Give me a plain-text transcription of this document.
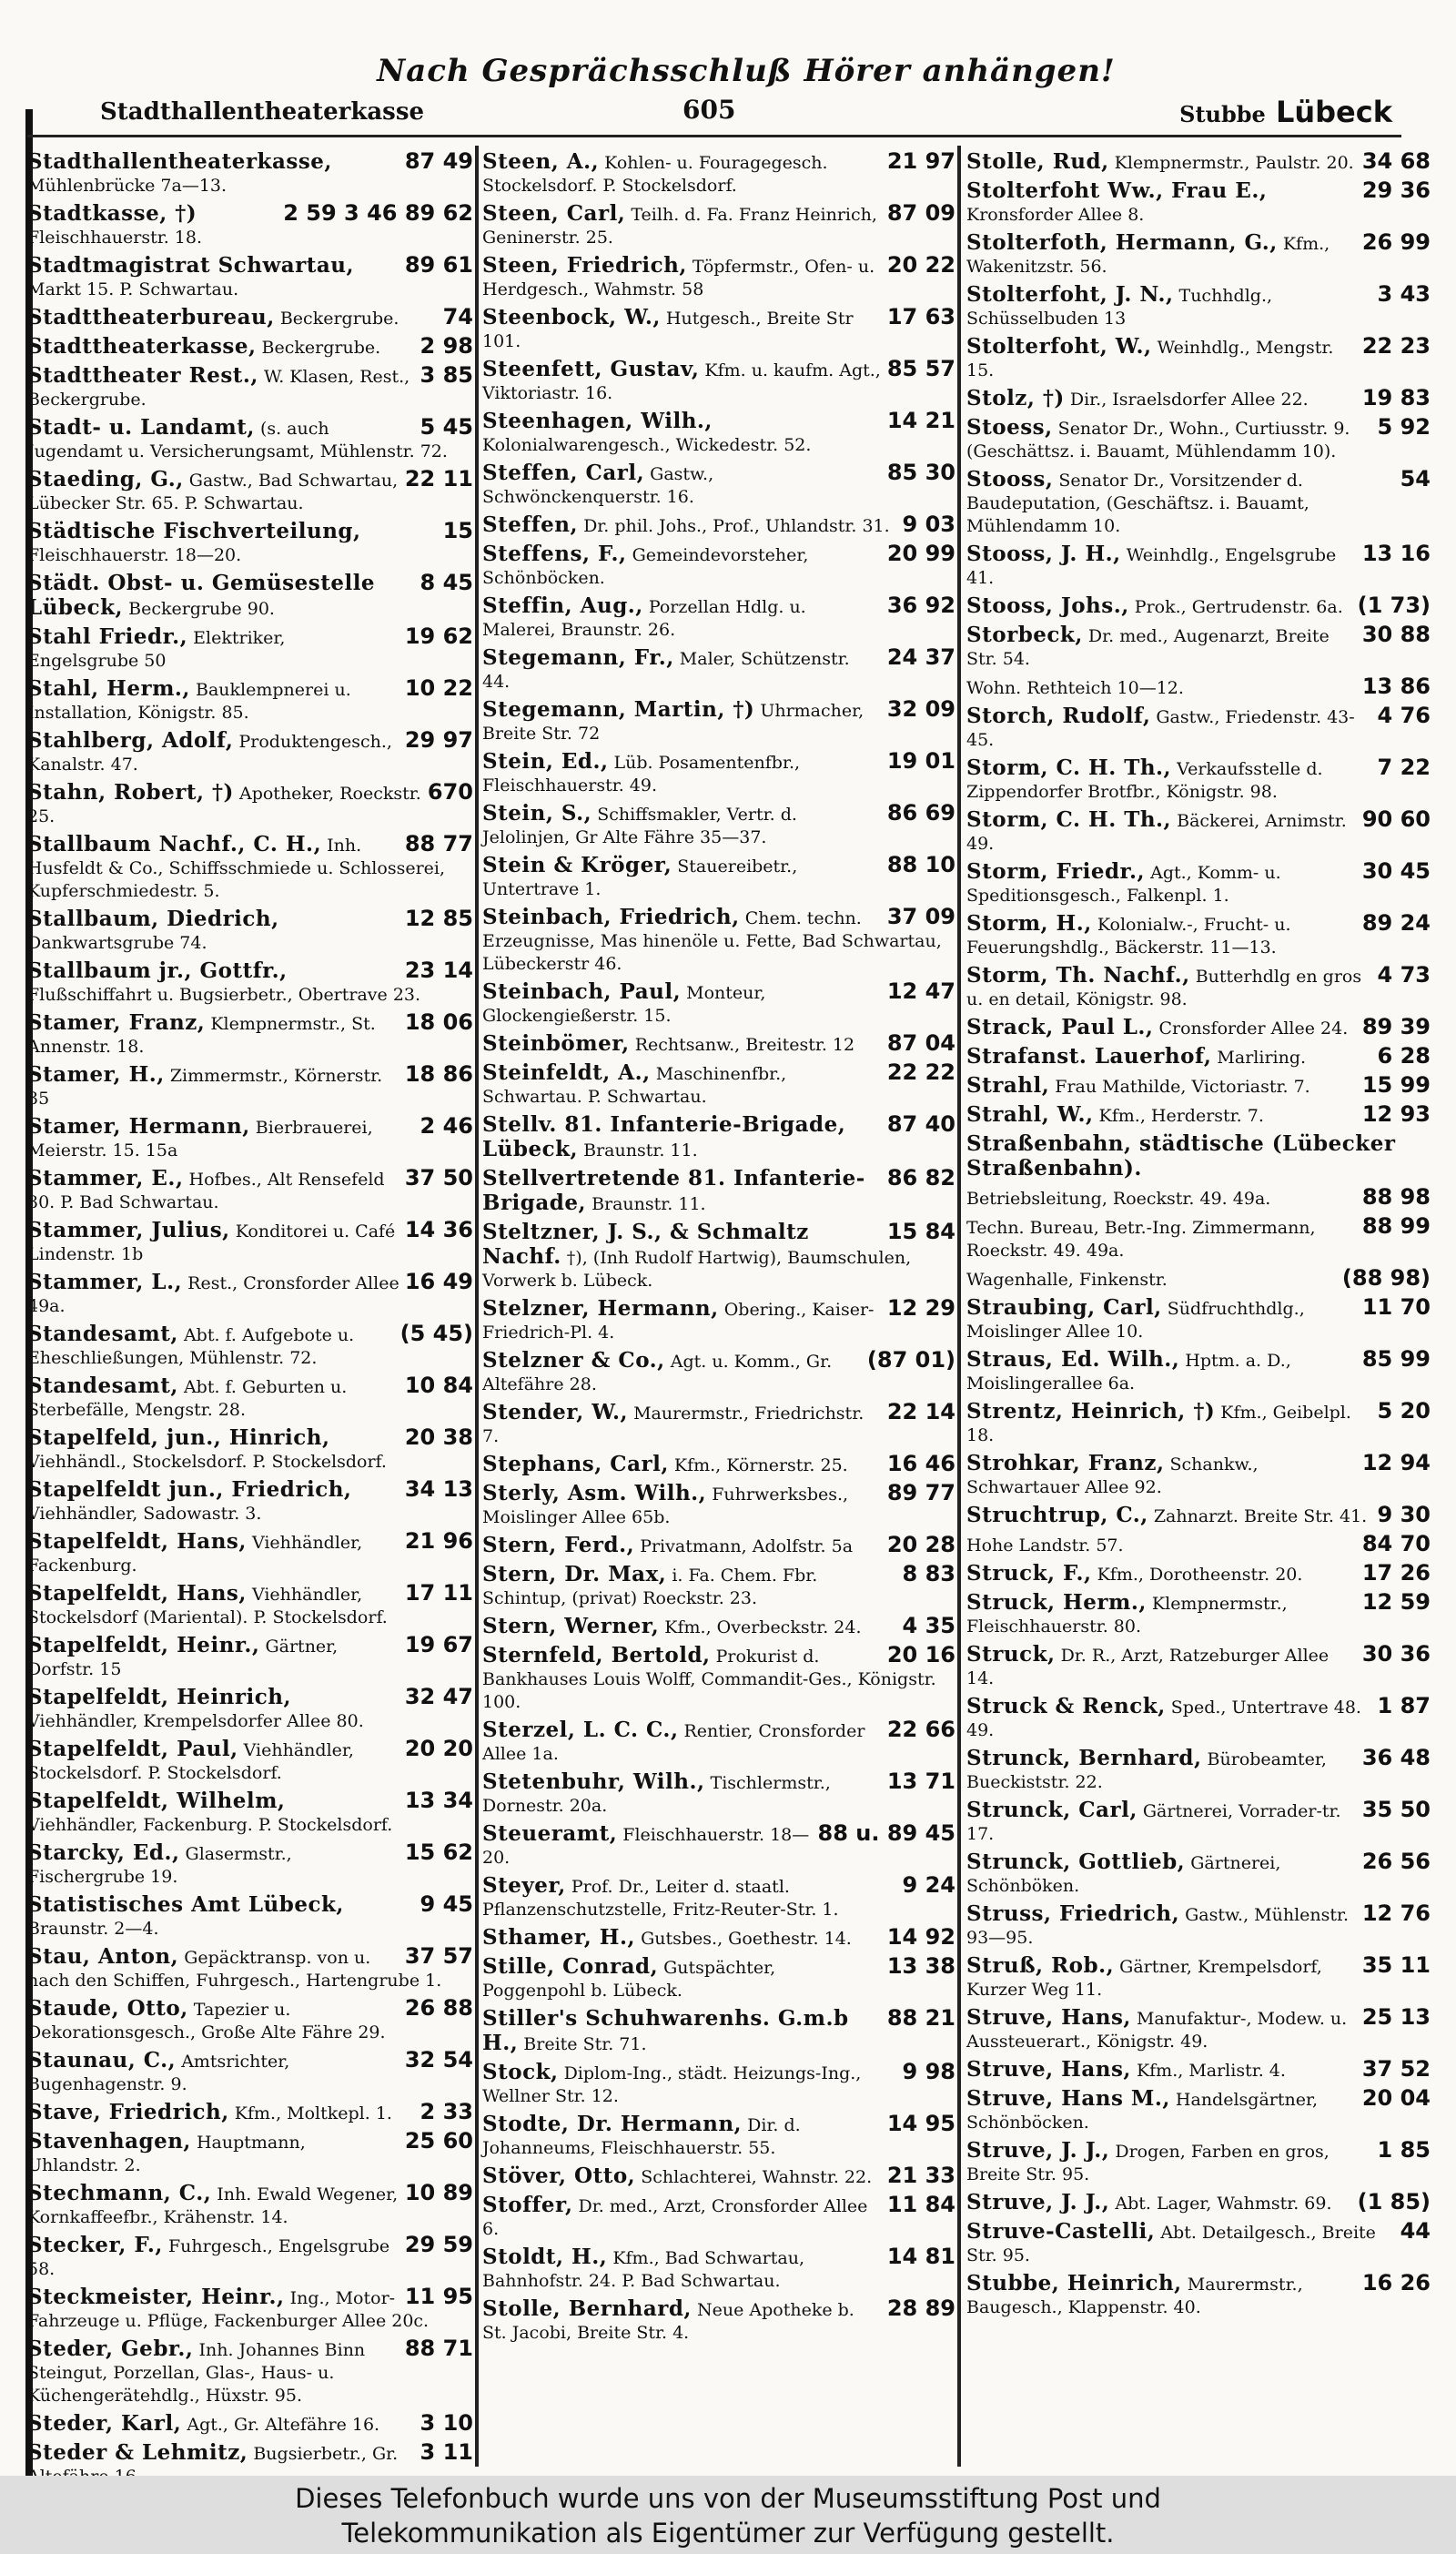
Nach Gesprächsschluß Hörer anhängen!
Stadthallentheaterkasse	605	Stubbe Lübeck
87 49
Stadthallentheaterkasse, Mühlenbrücke 7a—13.
2 59 3 46 89 62
Stadtkasse, †) Fleischhauerstr. 18.
89 61
Stadtmagistrat Schwartau, Markt 15. P. Schwartau.
74
Stadttheaterbureau, Beckergrube.
2 98
Stadttheaterkasse, Beckergrube.
3 85
Stadttheater Rest., W. Klasen, Rest., Beckergrube.
5 45
Stadt- u. Landamt, (s. auch Jugendamt u. Versicherungsamt, Mühlenstr. 72.
22 11
Staeding, G., Gastw., Bad Schwartau, Lübecker Str. 65. P. Schwartau.
15
Städtische Fischverteilung, Fleischhauerstr. 18—20.
8 45
Städt. Obst- u. Gemüsestelle Lübeck, Beckergrube 90.
19 62
Stahl Friedr., Elektriker, Engelsgrube 50
10 22
Stahl, Herm., Bauklempnerei u. Installation, Königstr. 85.
29 97
Stahlberg, Adolf, Produktengesch., Kanalstr. 47.
670
Stahn, Robert, †) Apotheker, Roeckstr. 25.
88 77
Stallbaum Nachf., C. H., Inh. Husfeldt & Co., Schiffsschmiede u. Schlosserei, Kupferschmiedestr. 5.
12 85
Stallbaum, Diedrich, Dankwartsgrube 74.
23 14
Stallbaum jr., Gottfr., Flußschiffahrt u. Bugsierbetr., Obertrave 23.
18 06
Stamer, Franz, Klempnermstr., St. Annenstr. 18.
18 86
Stamer, H., Zimmermstr., Körnerstr. 35
2 46
Stamer, Hermann, Bierbrauerei, Meierstr. 15. 15a
37 50
Stammer, E., Hofbes., Alt Rensefeld 30. P. Bad Schwartau.
14 36
Stammer, Julius, Konditorei u. Café Lindenstr. 1b
16 49
Stammer, L., Rest., Cronsforder Allee 49a.
(5 45)
Standesamt, Abt. f. Aufgebote u. Eheschließungen, Mühlenstr. 72.
10 84
Standesamt, Abt. f. Geburten u. Sterbefälle, Mengstr. 28.
20 38
Stapelfeld, jun., Hinrich, Viehhändl., Stockelsdorf. P. Stockelsdorf.
34 13
Stapelfeldt jun., Friedrich, Viehhändler, Sadowastr. 3.
21 96
Stapelfeldt, Hans, Viehhändler, Fackenburg.
17 11
Stapelfeldt, Hans, Viehhändler, Stockelsdorf (Mariental). P. Stockelsdorf.
19 67
Stapelfeldt, Heinr., Gärtner, Dorfstr. 15
32 47
Stapelfeldt, Heinrich, Viehhändler, Krempelsdorfer Allee 80.
20 20
Stapelfeldt, Paul, Viehhändler, Stockelsdorf. P. Stockelsdorf.
13 34
Stapelfeldt, Wilhelm, Viehhändler, Fackenburg. P. Stockelsdorf.
15 62
Starcky, Ed., Glasermstr., Fischergrube 19.
9 45
Statistisches Amt Lübeck, Braunstr. 2—4.
37 57
Stau, Anton, Gepäcktransp. von u. nach den Schiffen, Fuhrgesch., Hartengrube 1.
26 88
Staude, Otto, Tapezier u. Dekorationsgesch., Große Alte Fähre 29.
32 54
Staunau, C., Amtsrichter, Bugenhagenstr. 9.
2 33
Stave, Friedrich, Kfm., Moltkepl. 1.
25 60
Stavenhagen, Hauptmann, Uhlandstr. 2.
10 89
Stechmann, C., Inh. Ewald Wegener, Kornkaffeefbr., Krähenstr. 14.
29 59
Stecker, F., Fuhrgesch., Engelsgrube 58.
11 95
Steckmeister, Heinr., Ing., Motor-Fahrzeuge u. Pflüge, Fackenburger Allee 20c.
88 71
Steder, Gebr., Inh. Johannes Binn Steingut, Porzellan, Glas-, Haus- u. Küchengerätehdlg., Hüxstr. 95.
3 10
Steder, Karl, Agt., Gr. Altefähre 16.
3 11
Steder & Lehmitz, Bugsierbetr., Gr.
21 97
Steen, A., Kohlen- u. Fouragegesch. Stockelsdorf. P. Stockelsdorf.
87 09
Steen, Carl, Teilh. d. Fa. Franz Heinrich, Geninerstr. 25.
20 22
Steen, Friedrich, Töpfermstr., Ofen- u. Herdgesch., Wahmstr. 58
17 63
Steenbock, W., Hutgesch., Breite Str 101.
85 57
Steenfett, Gustav, Kfm. u. kaufm. Agt., Viktoriastr. 16.
14 21
Steenhagen, Wilh., Kolonialwarengesch., Wickedestr. 52.
85 30
Steffen, Carl, Gastw., Schwönckenquerstr. 16.
9 03
Steffen, Dr. phil. Johs., Prof., Uhlandstr. 31.
20 99
Steffens, F., Gemeindevorsteher, Schönböcken.
36 92
Steffin, Aug., Porzellan Hdlg. u. Malerei, Braunstr. 26.
24 37
Stegemann, Fr., Maler, Schützenstr. 44.
32 09
Stegemann, Martin, †) Uhrmacher, Breite Str. 72
19 01
Stein, Ed., Lüb. Posamentenfbr., Fleischhauerstr. 49.
86 69
Stein, S., Schiffsmakler, Vertr. d. Jelolinjen, Gr Alte Fähre 35—37.
88 10
Stein & Kröger, Stauereibetr., Untertrave 1.
37 09
Steinbach, Friedrich, Chem. techn. Erzeugnisse, Mas hinenöle u. Fette, Bad Schwartau, Lübeckerstr 46.
12 47
Steinbach, Paul, Monteur, Glockengießerstr. 15.
87 04
Steinbömer, Rechtsanw., Breitestr. 12
22 22
Steinfeldt, A., Maschinenfbr., Schwartau. P. Schwartau.
87 40
Stellv. 81. Infanterie-Brigade, Lübeck, Braunstr. 11.
86 82
Stellvertretende 81. Infanterie-Brigade, Braunstr. 11.
15 84
Steltzner, J. S., & Schmaltz Nachf. †), (Inh Rudolf Hartwig), Baumschulen, Vorwerk b. Lübeck.
12 29
Stelzner, Hermann, Obering., Kaiser-Friedrich-Pl. 4.
(87 01)
Stelzner & Co., Agt. u. Komm., Gr. Altefähre 28.
22 14
Stender, W., Maurermstr., Friedrichstr. 7.
16 46
Stephans, Carl, Kfm., Körnerstr. 25.
89 77
Sterly, Asm. Wilh., Fuhrwerksbes., Moislinger Allee 65b.
20 28
Stern, Ferd., Privatmann, Adolfstr. 5a
8 83
Stern, Dr. Max, i. Fa. Chem. Fbr. Schintup, (privat) Roeckstr. 23.
4 35
Stern, Werner, Kfm., Overbeckstr. 24.
20 16
Sternfeld, Bertold, Prokurist d. Bankhauses Louis Wolff, Commandit-Ges., Königstr. 100.
22 66
Sterzel, L. C. C., Rentier, Cronsforder Allee 1a.
13 71
Stetenbuhr, Wilh., Tischlermstr., Dornestr. 20a.
88 u. 89 45
Steueramt, Fleischhauerstr. 18—20.
9 24
Steyer, Prof. Dr., Leiter d. staatl. Pflanzenschutzstelle, Fritz-Reuter-Str. 1.
14 92
Sthamer, H., Gutsbes., Goethestr. 14.
13 38
Stille, Conrad, Gutspächter, Poggenpohl b. Lübeck.
88 21
Stiller's Schuhwarenhs. G.m.b H., Breite Str. 71.
9 98
Stock, Diplom-Ing., städt. Heizungs-Ing., Wellner Str. 12.
14 95
Stodte, Dr. Hermann, Dir. d. Johanneums, Fleischhauerstr. 55.
21 33
Stöver, Otto, Schlachterei, Wahnstr. 22.
11 84
Stoffer, Dr. med., Arzt, Cronsforder Allee 6.
14 81
Stoldt, H., Kfm., Bad Schwartau, Bahnhofstr. 24. P. Bad Schwartau.
28 89
Stolle, Bernhard, Neue Apotheke b. St. Jacobi, Breite Str. 4.
34 68
Stolle, Rud, Klempnermstr., Paulstr. 20.
29 36
Stolterfoht Ww., Frau E., Kronsforder Allee 8.
26 99
Stolterfoth, Hermann, G., Kfm., Wakenitzstr. 56.
3 43
Stolterfoht, J. N., Tuchhdlg., Schüsselbuden 13
22 23
Stolterfoht, W., Weinhdlg., Mengstr. 15.
19 83
Stolz, †) Dir., Israelsdorfer Allee 22.
5 92
Stoess, Senator Dr., Wohn., Curtiusstr. 9. (Geschättsz. i. Bauamt, Mühlendamm 10).
54
Stooss, Senator Dr., Vorsitzender d. Baudeputation, (Geschäftsz. i. Bauamt, Mühlendamm 10.
13 16
Stooss, J. H., Weinhdlg., Engelsgrube 41.
(1 73)
Stooss, Johs., Prok., Gertrudenstr. 6a.
30 88
Storbeck, Dr. med., Augenarzt, Breite Str. 54.
13 86
Wohn. Rethteich 10—12.
4 76
Storch, Rudolf, Gastw., Friedenstr. 43-45.
7 22
Storm, C. H. Th., Verkaufsstelle d. Zippendorfer Brotfbr., Königstr. 98.
90 60
Storm, C. H. Th., Bäckerei, Arnimstr. 49.
30 45
Storm, Friedr., Agt., Komm- u. Speditionsgesch., Falkenpl. 1.
89 24
Storm, H., Kolonialw.-, Frucht- u. Feuerungshdlg., Bäckerstr. 11—13.
4 73
Storm, Th. Nachf., Butterhdlg en gros u. en detail, Königstr. 98.
89 39
Strack, Paul L., Cronsforder Allee 24.
6 28
Strafanst. Lauerhof, Marliring.
15 99
Strahl, Frau Mathilde, Victoriastr. 7.
12 93
Strahl, W., Kfm., Herderstr. 7.
Straßenbahn, städtische (Lübecker Straßenbahn).
88 98
Betriebsleitung, Roeckstr. 49. 49a.
88 99
Techn. Bureau, Betr.-Ing. Zimmermann, Roeckstr. 49. 49a.
(88 98)
Wagenhalle, Finkenstr.
11 70
Straubing, Carl, Südfruchthdlg., Moislinger Allee 10.
85 99
Straus, Ed. Wilh., Hptm. a. D., Moislingerallee 6a.
5 20
Strentz, Heinrich, †) Kfm., Geibelpl. 18.
12 94
Strohkar, Franz, Schankw., Schwartauer Allee 92.
9 30
Struchtrup, C., Zahnarzt. Breite Str. 41.
84 70
Hohe Landstr. 57.
17 26
Struck, F., Kfm., Dorotheenstr. 20.
12 59
Struck, Herm., Klempnermstr., Fleischhauerstr. 80.
30 36
Struck, Dr. R., Arzt, Ratzeburger Allee 14.
1 87
Struck & Renck, Sped., Untertrave 48. 49.
36 48
Strunck, Bernhard, Bürobeamter, Bueckiststr. 22.
35 50
Strunck, Carl, Gärtnerei, Vorrader-tr. 17.
26 56
Strunck, Gottlieb, Gärtnerei, Schönböken.
12 76
Struss, Friedrich, Gastw., Mühlenstr. 93—95.
35 11
Struß, Rob., Gärtner, Krempelsdorf, Kurzer Weg 11.
25 13
Struve, Hans, Manufaktur-, Modew. u. Aussteuerart., Königstr. 49.
37 52
Struve, Hans, Kfm., Marlistr. 4.
20 04
Struve, Hans M., Handelsgärtner, Schönböcken.
1 85
Struve, J. J., Drogen, Farben en gros, Breite Str. 95.
(1 85)
Struve, J. J., Abt. Lager, Wahmstr. 69.
44
Struve-Castelli, Abt. Detailgesch., Breite Str. 95.
16 26
Stubbe, Heinrich, Maurermstr., Baugesch., Klappenstr. 40.
Dieses Telefonbuch wurde uns von der Museumsstiftung Post und
Telekommunikation als Eigentümer zur Verfügung gestellt.
